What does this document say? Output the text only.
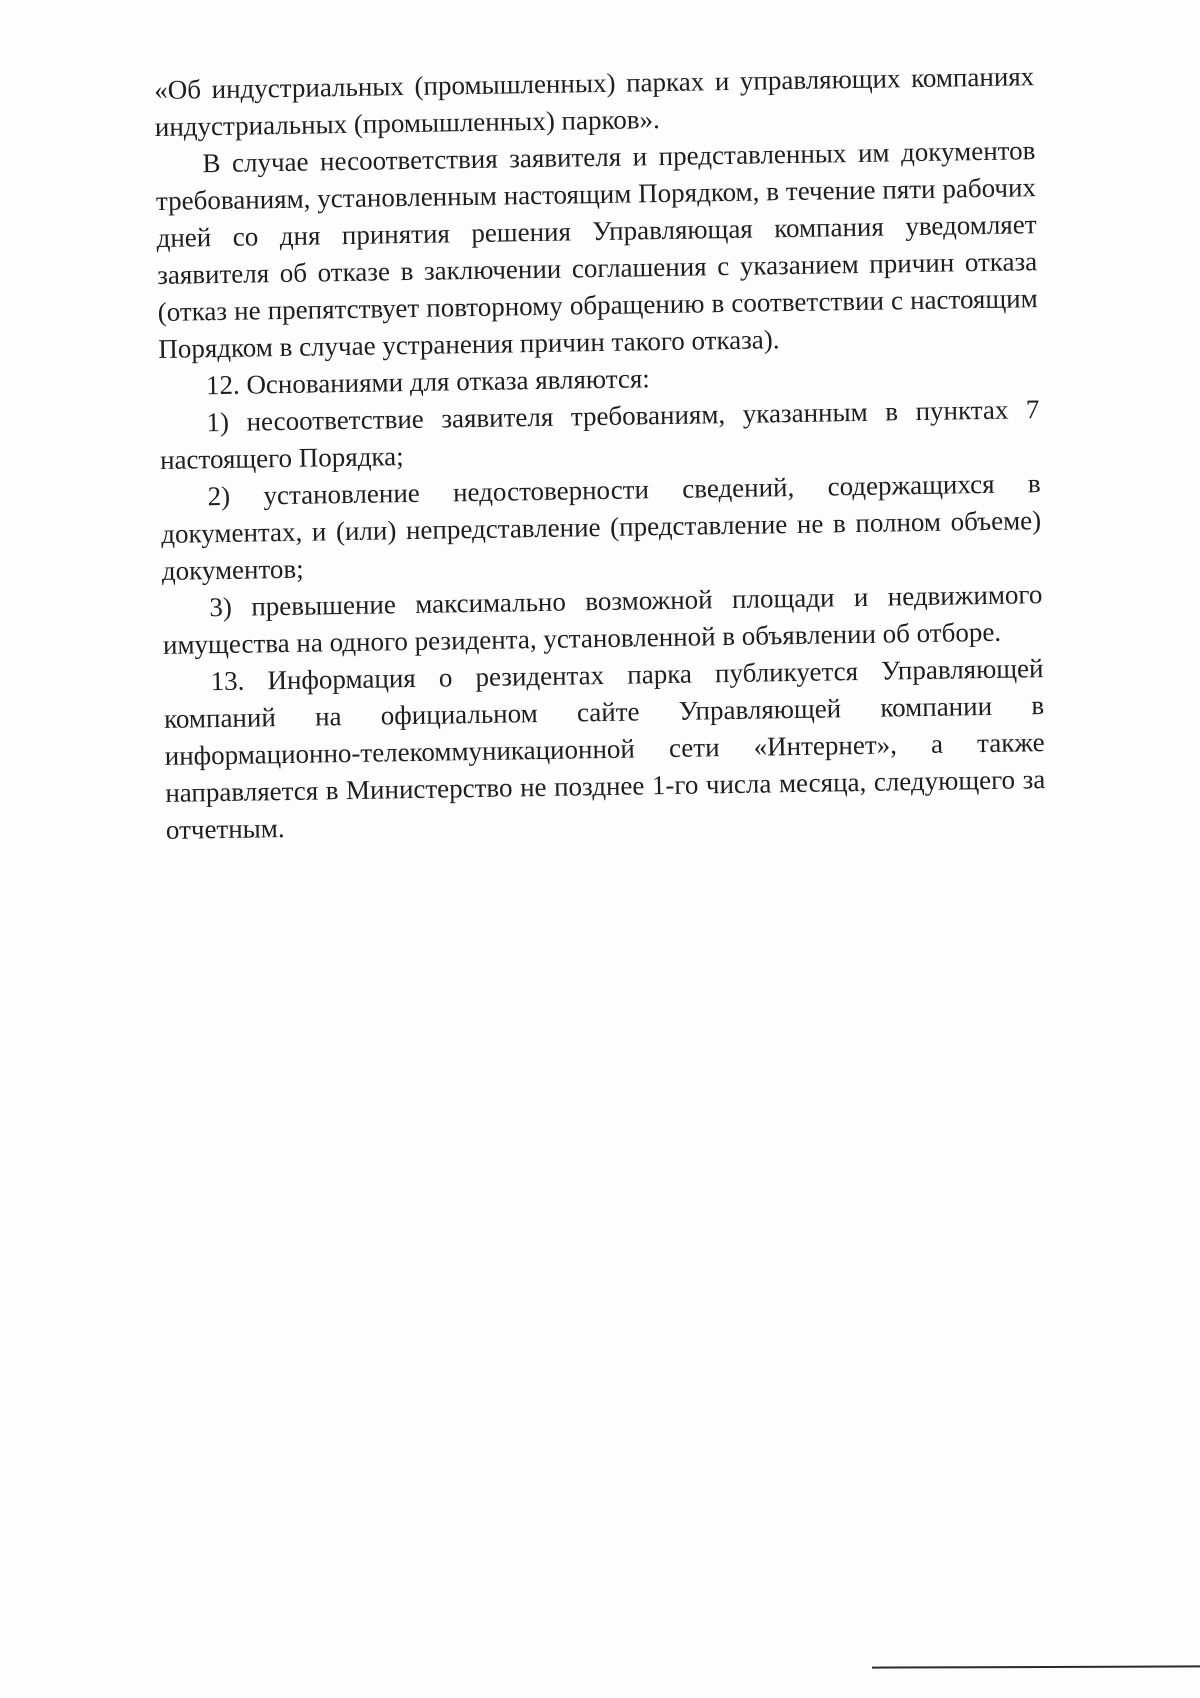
«Об индустриальных (промышленных) парках и управляющих компаниях индустриальных (промышленных) парков».

В случае несоответствия заявителя и представленных им документов требованиям, установленным настоящим Порядком, в течение пяти рабочих дней со дня принятия решения Управляющая компания уведомляет заявителя об отказе в заключении соглашения с указанием причин отказа (отказ не препятствует повторному обращению в соответствии с настоящим Порядком в случае устранения причин такого отказа).

12. Основаниями для отказа являются:

1) несоответствие заявителя требованиям, указанным в пунктах 7 настоящего Порядка;

2) установление недостоверности сведений, содержащихся в документах, и (или) непредставление (представление не в полном объеме) документов;

3) превышение максимально возможной площади и недвижимого имущества на одного резидента, установленной в объявлении об отборе.

13. Информация о резидентах парка публикуется Управляющей компаний на официальном сайте Управляющей компании в информационно-телекоммуникационной сети «Интернет», а также направляется в Министерство не позднее 1-го числа месяца, следующего за отчетным.
